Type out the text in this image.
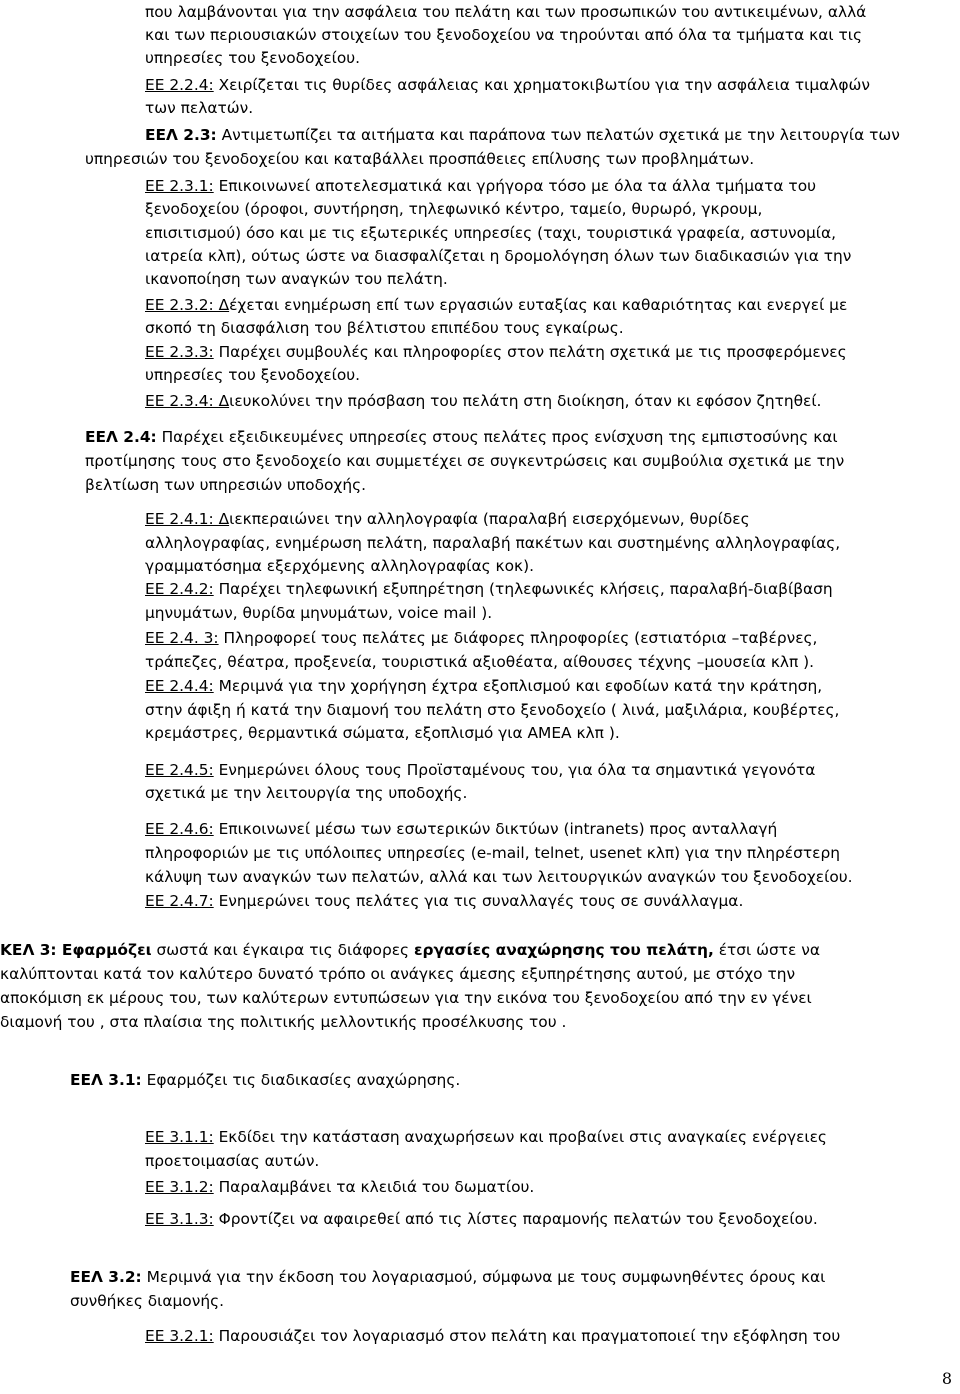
που λαμβάνονται για την ασφάλεια του πελάτη και των προσωπικών του αντικειμένων, αλλά
και των περιουσιακών στοιχείων του ξενοδοχείου να τηρούνται από όλα τα τμήματα και τις
υπηρεσίες του ξενοδοχείου.
ΕΕ 2.2.4: Χειρίζεται τις θυρίδες ασφάλειας και χρηματοκιβωτίου για την ασφάλεια τιμαλφών
των πελατών.
ΕΕΛ 2.3: Αντιμετωπίζει τα αιτήματα και παράπονα των πελατών σχετικά με την λειτουργία των
υπηρεσιών του ξενοδοχείου και καταβάλλει προσπάθειες επίλυσης των προβλημάτων.
ΕΕ 2.3.1: Επικοινωνεί αποτελεσματικά και γρήγορα τόσο με όλα τα άλλα τμήματα του
ξενοδοχείου (όροφοι, συντήρηση, τηλεφωνικό κέντρο, ταμείο, θυρωρό, γκρουμ,
επισιτισμού) όσο και με τις εξωτερικές υπηρεσίες (ταχι, τουριστικά γραφεία, αστυνομία,
ιατρεία κλπ), ούτως ώστε να διασφαλίζεται η δρομολόγηση όλων των διαδικασιών για την
ικανοποίηση των αναγκών του πελάτη.
ΕΕ 2.3.2: Δέχεται ενημέρωση επί των εργασιών ευταξίας και καθαριότητας και ενεργεί με
σκοπό τη διασφάλιση του βέλτιστου επιπέδου τους εγκαίρως.
ΕΕ 2.3.3: Παρέχει συμβουλές και πληροφορίες στον πελάτη σχετικά με τις προσφερόμενες
υπηρεσίες του ξενοδοχείου.
ΕΕ 2.3.4: Διευκολύνει την πρόσβαση του πελάτη στη διοίκηση, όταν κι εφόσον ζητηθεί.
ΕΕΛ 2.4: Παρέχει εξειδικευμένες υπηρεσίες στους πελάτες προς ενίσχυση της εμπιστοσύνης και
προτίμησης τους στο ξενοδοχείο και συμμετέχει σε συγκεντρώσεις και συμβούλια σχετικά με την
βελτίωση των υπηρεσιών υποδοχής.
ΕΕ 2.4.1: Διεκπεραιώνει την αλληλογραφία (παραλαβή εισερχόμενων, θυρίδες
αλληλογραφίας, ενημέρωση πελάτη, παραλαβή πακέτων και συστημένης αλληλογραφίας,
γραμματόσημα εξερχόμενης αλληλογραφίας κοκ).
ΕΕ 2.4.2: Παρέχει τηλεφωνική εξυπηρέτηση (τηλεφωνικές κλήσεις, παραλαβή-διαβίβαση
μηνυμάτων, θυρίδα μηνυμάτων, voice mail ).
ΕΕ 2.4. 3: Πληροφορεί τους πελάτες με διάφορες πληροφορίες (εστιατόρια –ταβέρνες,
τράπεζες, θέατρα, προξενεία, τουριστικά αξιοθέατα, αίθουσες τέχνης –μουσεία κλπ ).
ΕΕ 2.4.4: Μεριμνά για την χορήγηση έχτρα εξοπλισμού και εφοδίων κατά την κράτηση,
στην άφιξη ή κατά την διαμονή του πελάτη στο ξενοδοχείο ( λινά, μαξιλάρια, κουβέρτες,
κρεμάστρες, θερμαντικά σώματα, εξοπλισμό για ΑΜΕΑ κλπ ).
ΕΕ 2.4.5: Ενημερώνει όλους τους Προϊσταμένους του, για όλα τα σημαντικά γεγονότα
σχετικά με την λειτουργία της υποδοχής.
ΕΕ 2.4.6: Επικοινωνεί μέσω των εσωτερικών δικτύων (intranets) προς ανταλλαγή
πληροφοριών με τις υπόλοιπες υπηρεσίες (e-mail, telnet, usenet κλπ) για την πληρέστερη
κάλυψη των αναγκών των πελατών, αλλά και των λειτουργικών αναγκών του ξενοδοχείου.
ΕΕ 2.4.7: Ενημερώνει τους πελάτες για τις συναλλαγές τους σε συνάλλαγμα.
ΚΕΛ 3: Εφαρμόζει σωστά και έγκαιρα τις διάφορες εργασίες αναχώρησης του πελάτη, έτσι ώστε να
καλύπτονται κατά τον καλύτερο δυνατό τρόπο οι ανάγκες άμεσης εξυπηρέτησης αυτού, με στόχο την
αποκόμιση εκ μέρους του, των καλύτερων εντυπώσεων για την εικόνα του ξενοδοχείου από την εν γένει
διαμονή του , στα πλαίσια της πολιτικής μελλοντικής προσέλκυσης του .
ΕΕΛ 3.1: Εφαρμόζει τις διαδικασίες αναχώρησης.
ΕΕ 3.1.1: Εκδίδει την κατάσταση αναχωρήσεων και προβαίνει στις αναγκαίες ενέργειες
προετοιμασίας αυτών.
ΕΕ 3.1.2: Παραλαμβάνει τα κλειδιά του δωματίου.
ΕΕ 3.1.3: Φροντίζει να αφαιρεθεί από τις λίστες παραμονής πελατών του ξενοδοχείου.
ΕΕΛ 3.2: Μεριμνά για την έκδοση του λογαριασμού, σύμφωνα με τους συμφωνηθέντες όρους και
συνθήκες διαμονής.
ΕΕ 3.2.1: Παρουσιάζει τον λογαριασμό στον πελάτη και πραγματοποιεί την εξόφληση του
8
